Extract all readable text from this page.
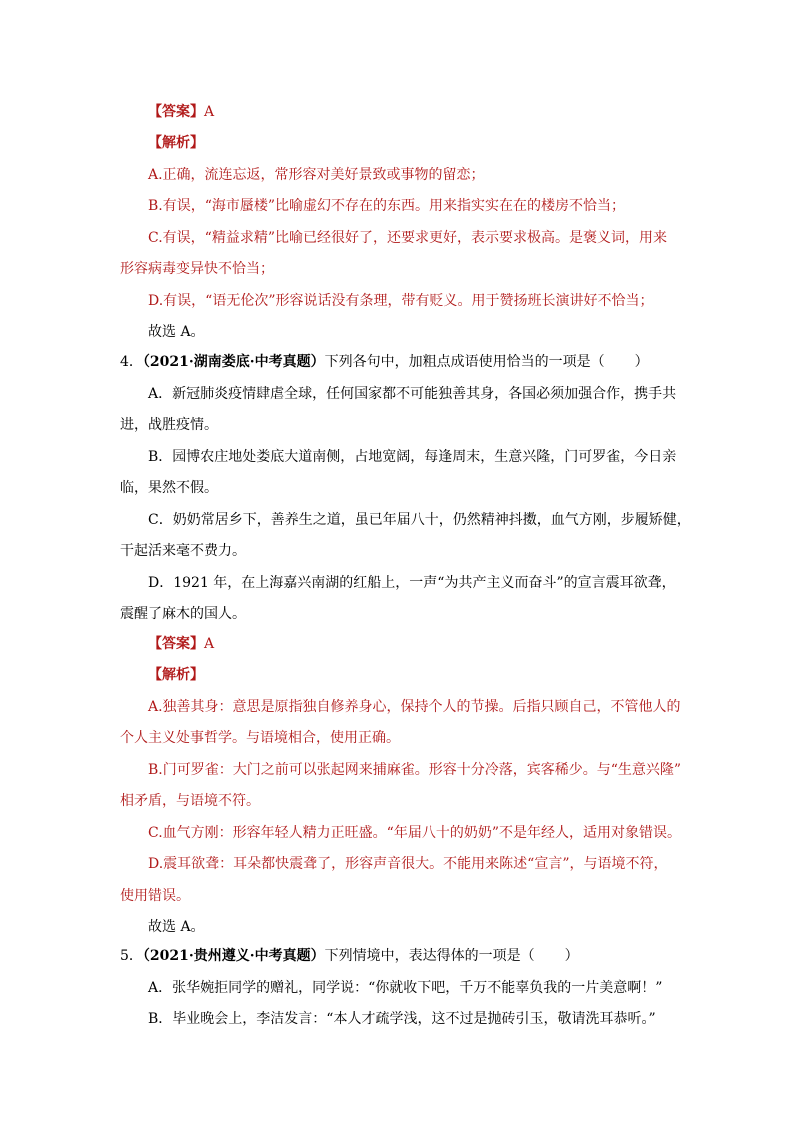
【答案】A
【解析】
A.正确，流连忘返，常形容对美好景致或事物的留恋；
B.有误，“海市蜃楼”比喻虚幻不存在的东西。用来指实实在在的楼房不恰当；
C.有误，“精益求精”比喻已经很好了，还要求更好，表示要求极高。是褒义词，用来
形容病毒变异快不恰当；
D.有误，“语无伦次”形容说话没有条理，带有贬义。用于赞扬班长演讲好不恰当；
故选 A。
4．（2021·湖南娄底·中考真题）下列各句中，加粗点成语使用恰当的一项是（ ）
A．新冠肺炎疫情肆虐全球，任何国家都不可能独善其身，各国必须加强合作，携手共
进，战胜疫情。
B．园博农庄地处娄底大道南侧，占地宽阔，每逢周末，生意兴隆，门可罗雀，今日亲
临，果然不假。
C．奶奶常居乡下，善养生之道，虽已年届八十，仍然精神抖擞，血气方刚，步履矫健，
干起活来毫不费力。
D．1921 年，在上海嘉兴南湖的红船上，一声“为共产主义而奋斗”的宣言震耳欲聋，
震醒了麻木的国人。
【答案】A
【解析】
A.独善其身：意思是原指独自修养身心，保持个人的节操。后指只顾自己，不管他人的
个人主义处事哲学。与语境相合，使用正确。
B.门可罗雀：大门之前可以张起网来捕麻雀。形容十分冷落，宾客稀少。与“生意兴隆”
相矛盾，与语境不符。
C.血气方刚：形容年轻人精力正旺盛。“年届八十的奶奶”不是年经人，适用对象错误。
D.震耳欲聋：耳朵都快震聋了，形容声音很大。不能用来陈述“宣言”，与语境不符，
使用错误。
故选 A。
5．（2021·贵州遵义·中考真题）下列情境中，表达得体的一项是（ ）
A．张华婉拒同学的赠礼，同学说：“你就收下吧，千万不能辜负我的一片美意啊！”
B．毕业晚会上，李洁发言：“本人才疏学浅，这不过是抛砖引玉，敬请洗耳恭听。”
